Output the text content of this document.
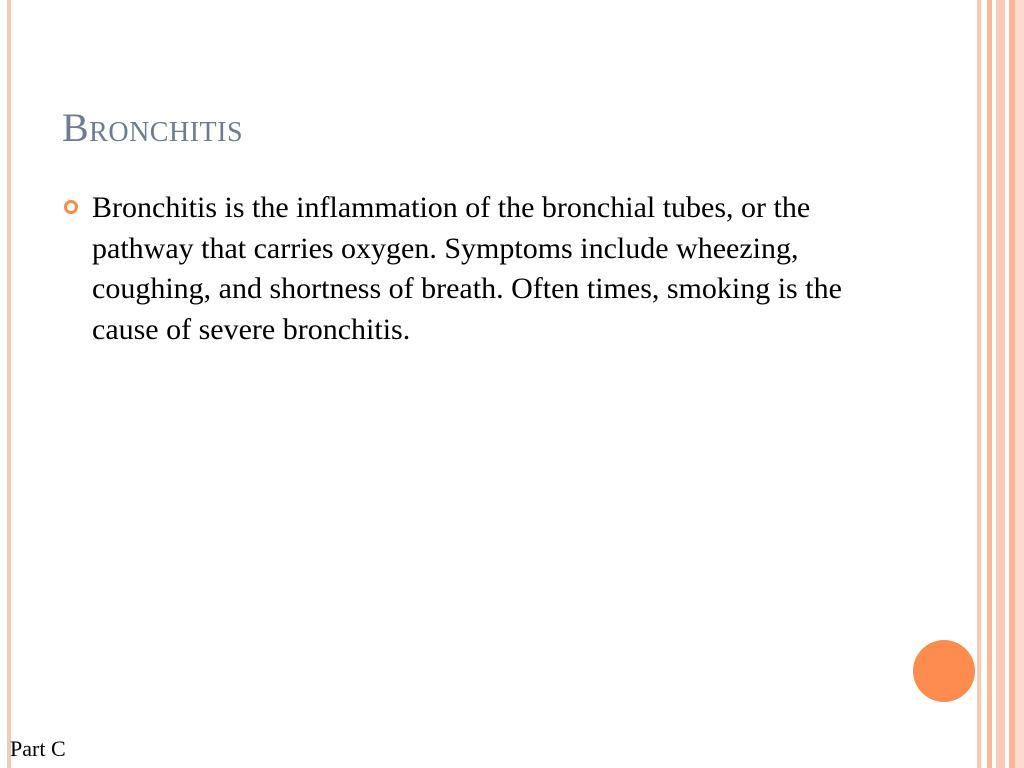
Bronchitis

Bronchitis is the inflammation of the bronchial tubes, or the pathway that carries oxygen. Symptoms include wheezing, coughing, and shortness of breath. Often times, smoking is the cause of severe bronchitis.

Part C
